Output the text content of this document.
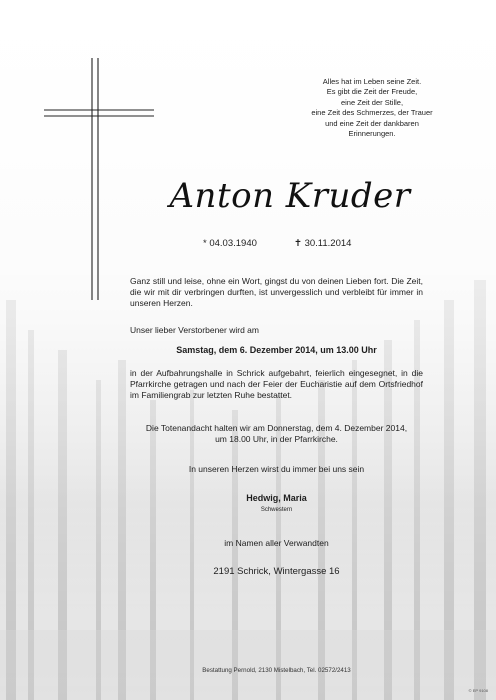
Alles hat im Leben seine Zeit.
Es gibt die Zeit der Freude,
eine Zeit der Stille,
eine Zeit des Schmerzes, der Trauer
und eine Zeit der dankbaren
Erinnerungen.
Anton Kruder
* 04.03.1940	✝ 30.11.2014
Ganz still und leise, ohne ein Wort, gingst du von deinen Lieben fort. Die Zeit, die wir mit dir verbringen durften, ist unvergesslich und verbleibt für immer in unseren Herzen.
Unser lieber Verstorbener wird am
Samstag, dem 6. Dezember 2014, um 13.00 Uhr
in der Aufbahrungshalle in Schrick aufgebahrt, feierlich eingesegnet, in die Pfarrkirche getragen und nach der Feier der Eucharistie auf dem Ortsfriedhof im Familiengrab zur letzten Ruhe bestattet.
Die Totenandacht halten wir am Donnerstag, dem 4. Dezember 2014,
um 18.00 Uhr, in der Pfarrkirche.
In unseren Herzen wirst du immer bei uns sein
Hedwig, Maria
Schwestern
im Namen aller Verwandten
2191 Schrick, Wintergasse 16
Bestattung Pernold, 2130 Mistelbach, Tel. 02572/2413
© EP 9108
